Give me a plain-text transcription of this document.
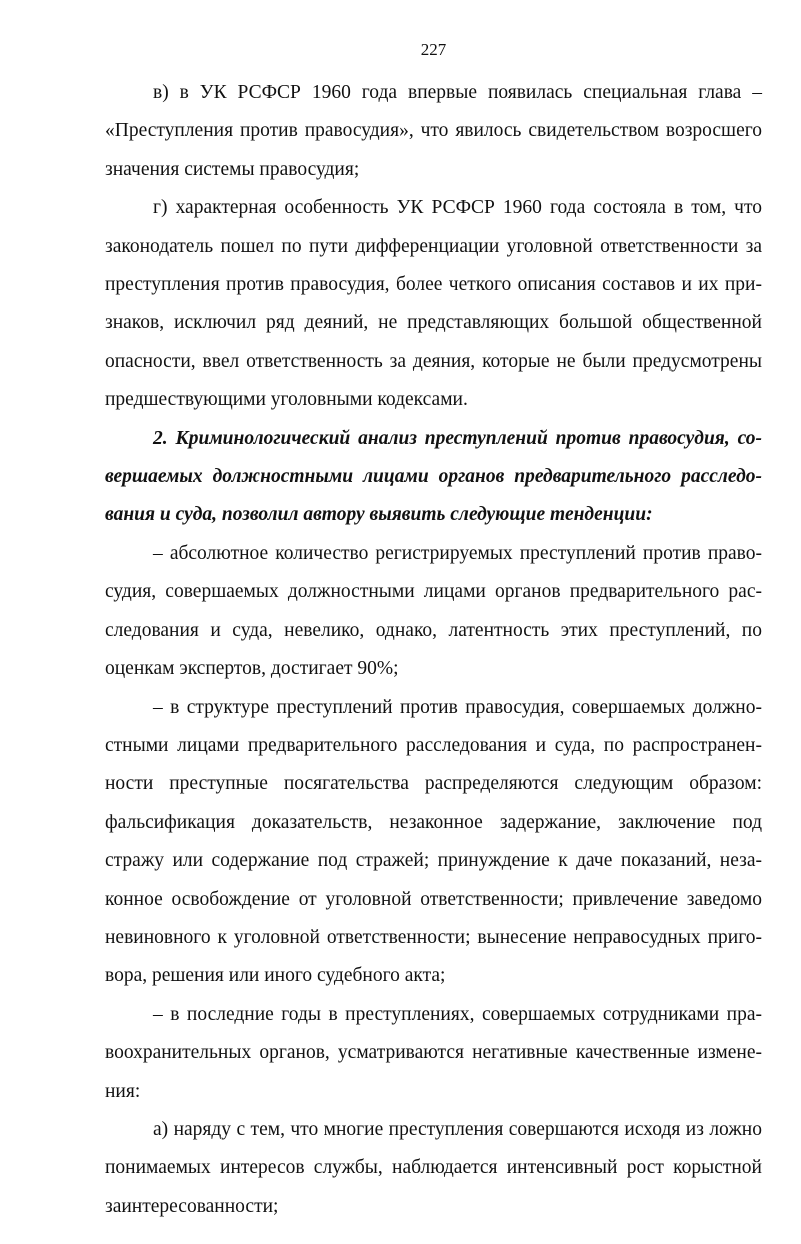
227

в) в УК РСФСР 1960 года впервые появилась специальная глава – «Преступления против правосудия», что явилось свидетельством возросшего значения системы правосудия;

г) характерная особенность УК РСФСР 1960 года состояла в том, что законодатель пошел по пути дифференциации уголовной ответственности за преступления против правосудия, более четкого описания составов и их признаков, исключил ряд деяний, не представляющих большой общественной опасности, ввел ответственность за деяния, которые не были предусмотрены предшествующими уголовными кодексами.

2. Криминологический анализ преступлений против правосудия, совершаемых должностными лицами органов предварительного расследования и суда, позволил автору выявить следующие тенденции:

– абсолютное количество регистрируемых преступлений против правосудия, совершаемых должностными лицами органов предварительного расследования и суда, невелико, однако, латентность этих преступлений, по оценкам экспертов, достигает 90%;

– в структуре преступлений против правосудия, совершаемых должностными лицами предварительного расследования и суда, по распространенности преступные посягательства распределяются следующим образом: фальсификация доказательств, незаконное задержание, заключение под стражу или содержание под стражей; принуждение к даче показаний, незаконное освобождение от уголовной ответственности; привлечение заведомо невиновного к уголовной ответственности; вынесение неправосудных приговора, решения или иного судебного акта;

– в последние годы в преступлениях, совершаемых сотрудниками правоохранительных органов, усматриваются негативные качественные изменения:

а) наряду с тем, что многие преступления совершаются исходя из ложно понимаемых интересов службы, наблюдается интенсивный рост корыстной заинтересованности;
